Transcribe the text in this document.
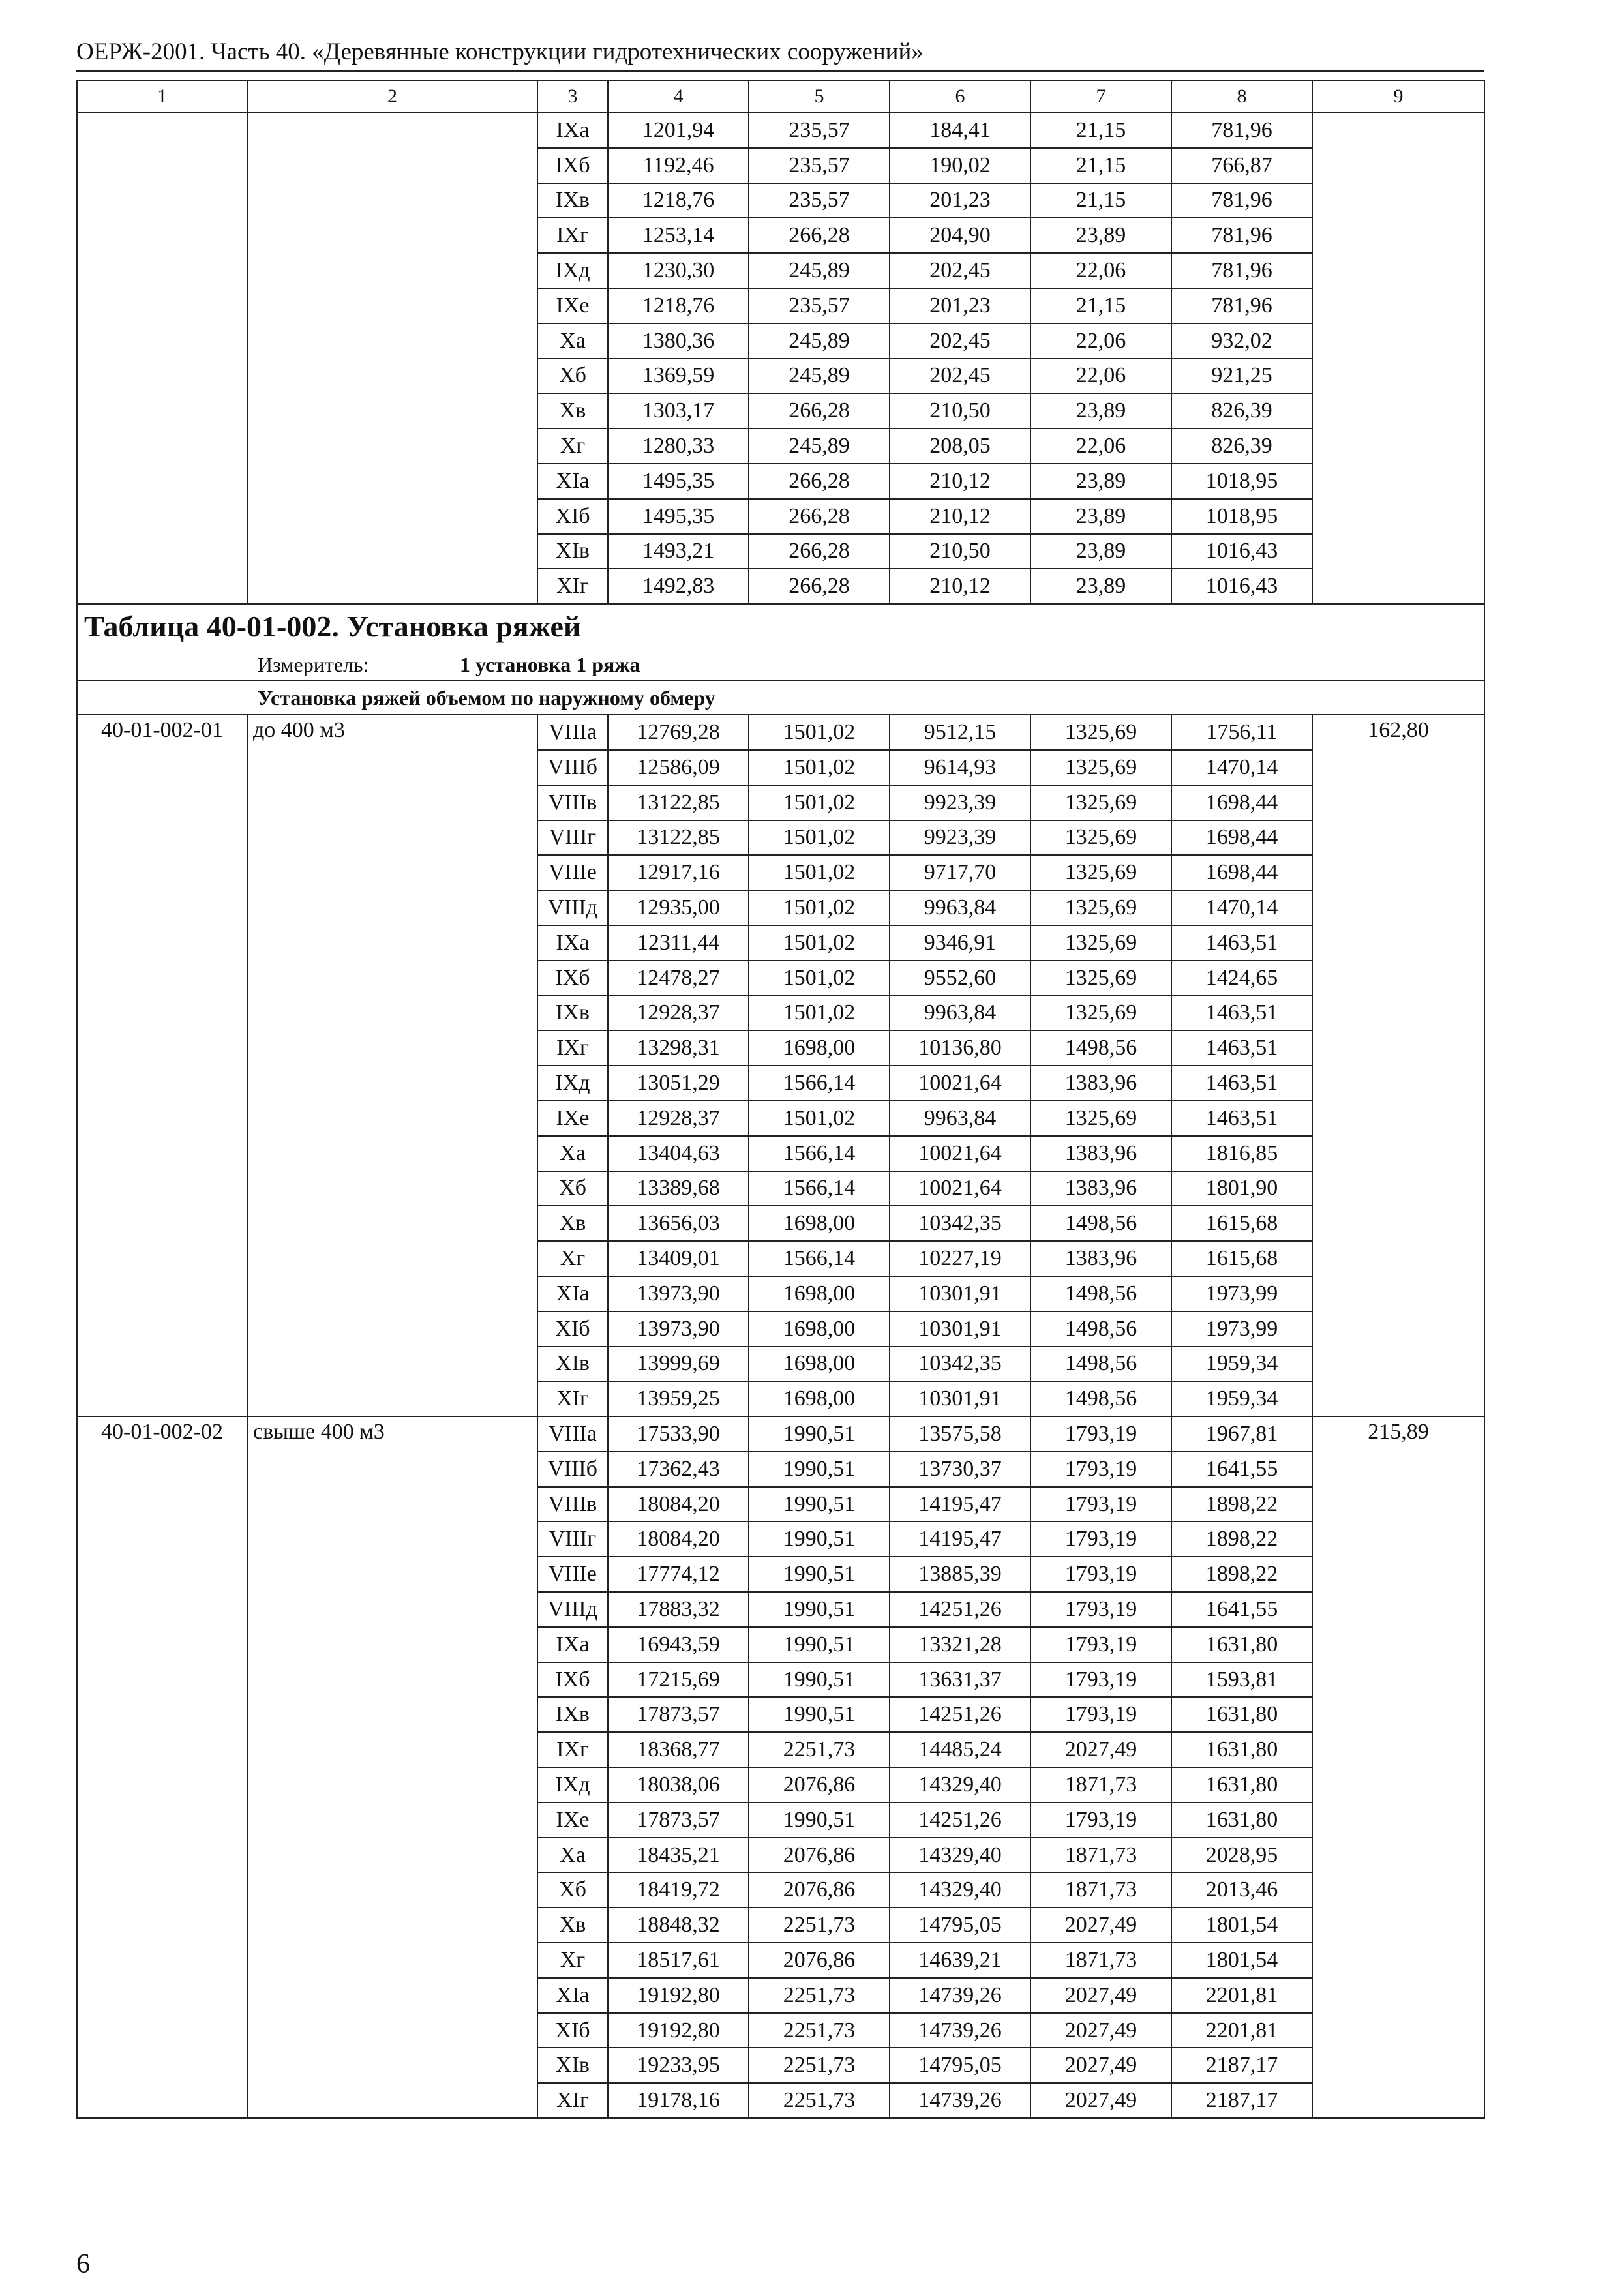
ОЕРЖ-2001. Часть 40. «Деревянные конструкции гидротехнических сооружений»
1	2	3	4	5	6	7	8	9
		IXа	1201,94	235,57	184,41	21,15	781,96	
		IXб	1192,46	235,57	190,02	21,15	766,87	
		IXв	1218,76	235,57	201,23	21,15	781,96	
		IXг	1253,14	266,28	204,90	23,89	781,96	
		IXд	1230,30	245,89	202,45	22,06	781,96	
		IXе	1218,76	235,57	201,23	21,15	781,96	
		Xа	1380,36	245,89	202,45	22,06	932,02	
		Xб	1369,59	245,89	202,45	22,06	921,25	
		Xв	1303,17	266,28	210,50	23,89	826,39	
		Xг	1280,33	245,89	208,05	22,06	826,39	
		XIа	1495,35	266,28	210,12	23,89	1018,95	
		XIб	1495,35	266,28	210,12	23,89	1018,95	
		XIв	1493,21	266,28	210,50	23,89	1016,43	
		XIг	1492,83	266,28	210,12	23,89	1016,43	
Таблица 40-01-002. Установка ряжей								
Измеритель: 1 установка 1 ряжа								
Установка ряжей объемом по наружному обмеру								
40-01-002-01	до 400 м3	VIIIа	12769,28	1501,02	9512,15	1325,69	1756,11	162,80
		VIIIб	12586,09	1501,02	9614,93	1325,69	1470,14	
		VIIIв	13122,85	1501,02	9923,39	1325,69	1698,44	
		VIIIг	13122,85	1501,02	9923,39	1325,69	1698,44	
		VIIIе	12917,16	1501,02	9717,70	1325,69	1698,44	
		VIIIд	12935,00	1501,02	9963,84	1325,69	1470,14	
		IXа	12311,44	1501,02	9346,91	1325,69	1463,51	
		IXб	12478,27	1501,02	9552,60	1325,69	1424,65	
		IXв	12928,37	1501,02	9963,84	1325,69	1463,51	
		IXг	13298,31	1698,00	10136,80	1498,56	1463,51	
		IXд	13051,29	1566,14	10021,64	1383,96	1463,51	
		IXе	12928,37	1501,02	9963,84	1325,69	1463,51	
		Xа	13404,63	1566,14	10021,64	1383,96	1816,85	
		Xб	13389,68	1566,14	10021,64	1383,96	1801,90	
		Xв	13656,03	1698,00	10342,35	1498,56	1615,68	
		Xг	13409,01	1566,14	10227,19	1383,96	1615,68	
		XIа	13973,90	1698,00	10301,91	1498,56	1973,99	
		XIб	13973,90	1698,00	10301,91	1498,56	1973,99	
		XIв	13999,69	1698,00	10342,35	1498,56	1959,34	
		XIг	13959,25	1698,00	10301,91	1498,56	1959,34	
40-01-002-02	свыше 400 м3	VIIIа	17533,90	1990,51	13575,58	1793,19	1967,81	215,89
		VIIIб	17362,43	1990,51	13730,37	1793,19	1641,55	
		VIIIв	18084,20	1990,51	14195,47	1793,19	1898,22	
		VIIIг	18084,20	1990,51	14195,47	1793,19	1898,22	
		VIIIе	17774,12	1990,51	13885,39	1793,19	1898,22	
		VIIIд	17883,32	1990,51	14251,26	1793,19	1641,55	
		IXа	16943,59	1990,51	13321,28	1793,19	1631,80	
		IXб	17215,69	1990,51	13631,37	1793,19	1593,81	
		IXв	17873,57	1990,51	14251,26	1793,19	1631,80	
		IXг	18368,77	2251,73	14485,24	2027,49	1631,80	
		IXд	18038,06	2076,86	14329,40	1871,73	1631,80	
		IXе	17873,57	1990,51	14251,26	1793,19	1631,80	
		Xа	18435,21	2076,86	14329,40	1871,73	2028,95	
		Xб	18419,72	2076,86	14329,40	1871,73	2013,46	
		Xв	18848,32	2251,73	14795,05	2027,49	1801,54	
		Xг	18517,61	2076,86	14639,21	1871,73	1801,54	
		XIа	19192,80	2251,73	14739,26	2027,49	2201,81	
		XIб	19192,80	2251,73	14739,26	2027,49	2201,81	
		XIв	19233,95	2251,73	14795,05	2027,49	2187,17	
		XIг	19178,16	2251,73	14739,26	2027,49	2187,17	
6
